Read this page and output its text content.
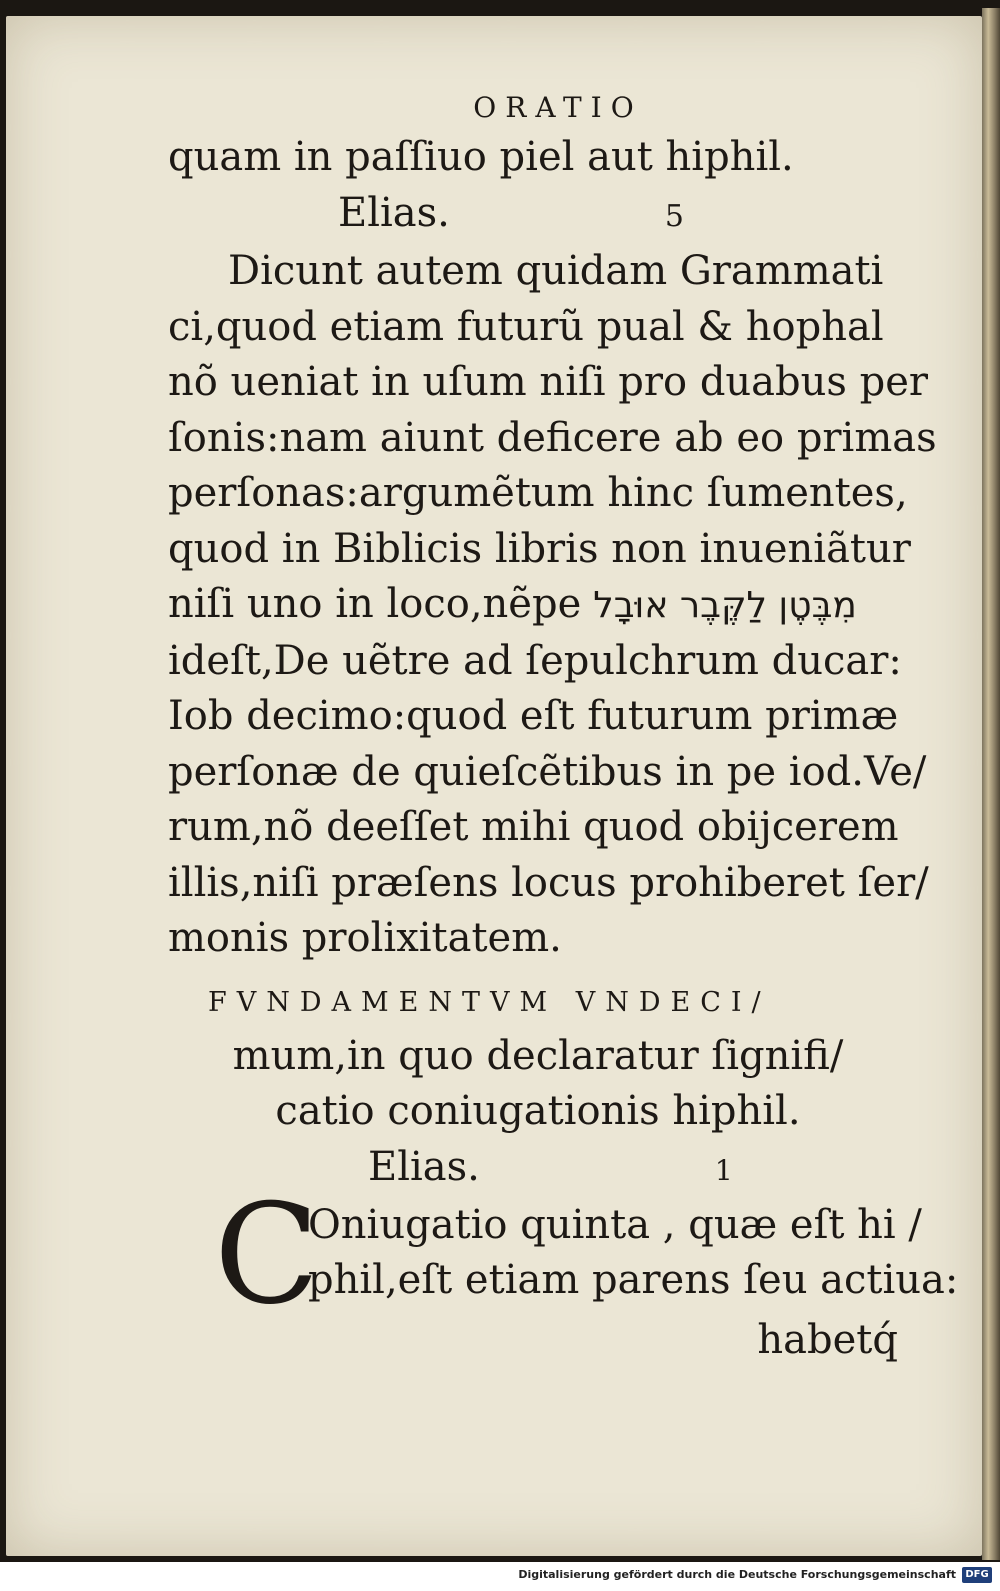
ORATIO
quam in paſſiuo piel aut hiphil.
Elias.	5
Dicunt autem quidam Grammati
ci,quod etiam futurũ pual & hophal
nõ ueniat in uſum niſi pro duabus per
ſonis:nam aiunt deficere ab eo primas
perſonas:argumẽtum hinc ſumentes,
quod in Biblicis libris non inueniãtur
niſi uno in loco,nẽpe מִבֶּטֶן לַקֶּבֶר אוּבָל
ideſt,De uẽtre ad ſepulchrum ducar:
Iob decimo:quod eſt futurum primæ
perſonæ de quieſcẽtibus in pe iod.Ve/
rum,nõ deeſſet mihi quod obijcerem
illis,niſi præſens locus prohiberet ſer/
monis prolixitatem.
FVNDAMENTVM VNDECI/
mum,in quo declaratur ſignifi/
catio coniugationis hiphil.
Elias.	1
C
Oniugatio quinta , quæ eſt hi /
phil,eſt etiam parens ſeu actiua:
habetq́
Digitalisierung gefördert durch die Deutsche Forschungsgemeinschaft DFG
